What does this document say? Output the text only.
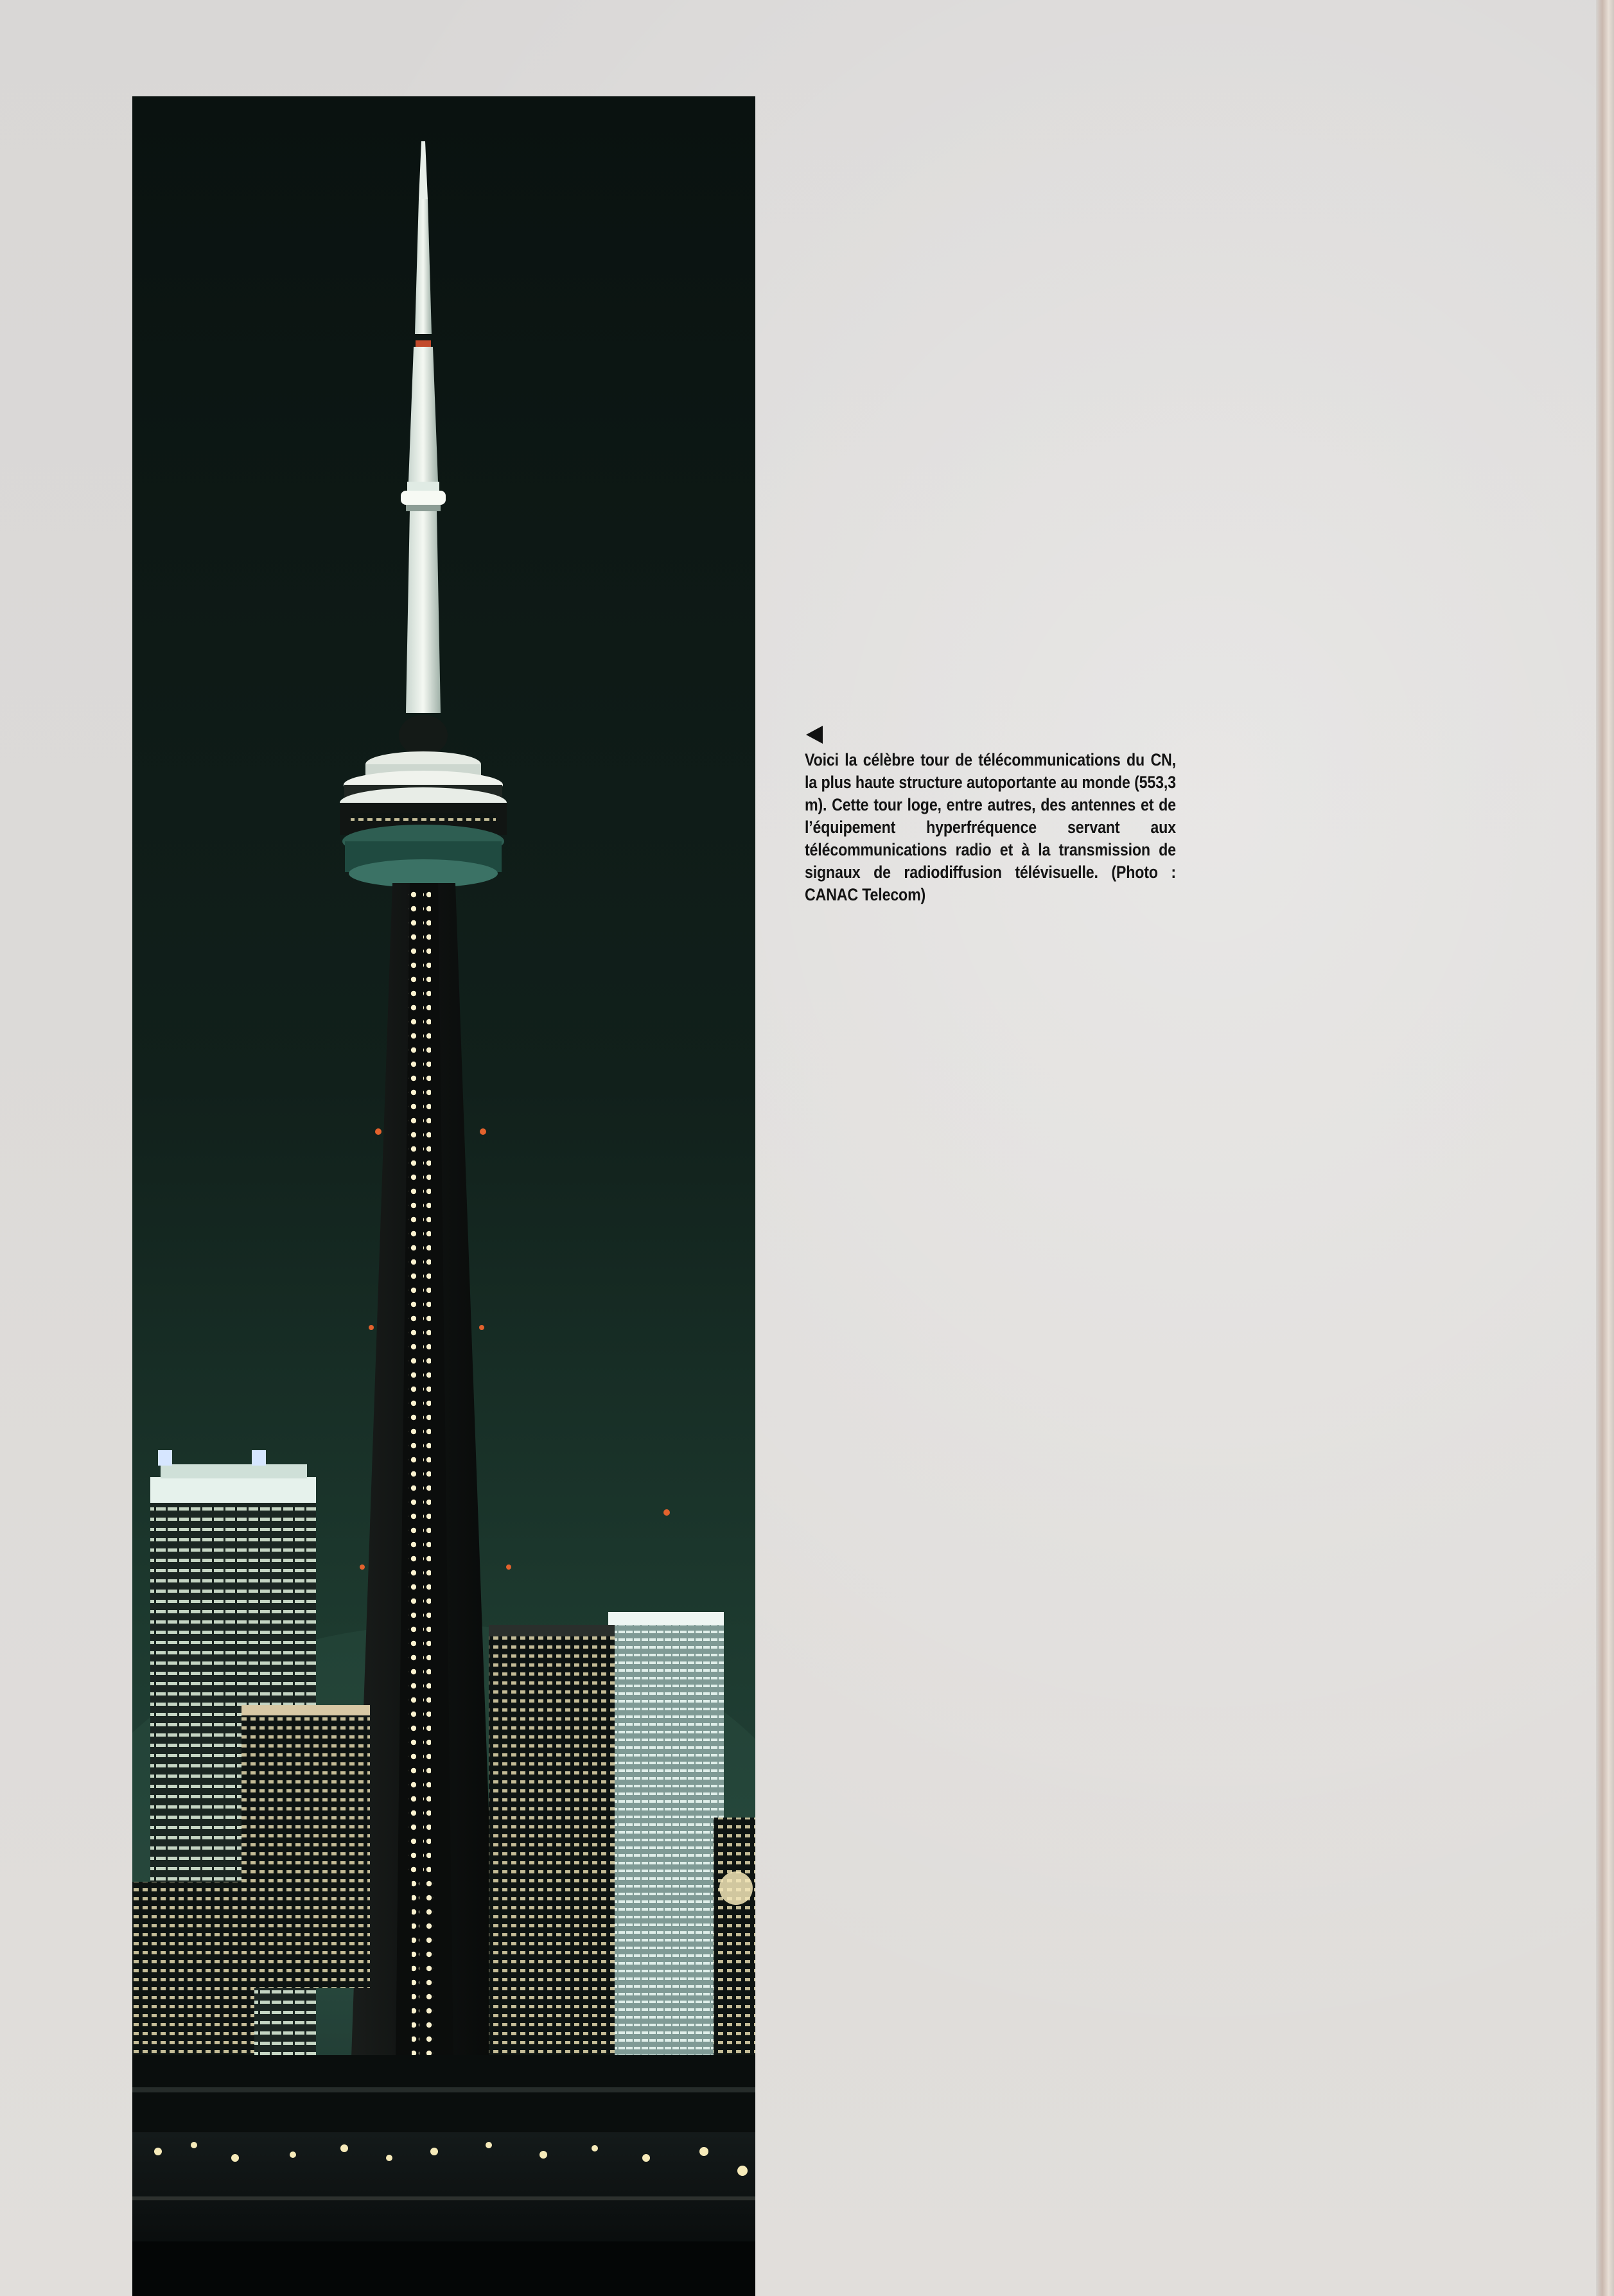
Voici la célèbre tour de télécommunications du CN, la plus haute structure autoportante au monde (553,3 m). Cette tour loge, entre autres, des antennes et de l’équipement hyperfréquence servant aux télécommunications radio et à la transmission de signaux de radiodiffusion télévisuelle. (Photo : CANAC Telecom)
